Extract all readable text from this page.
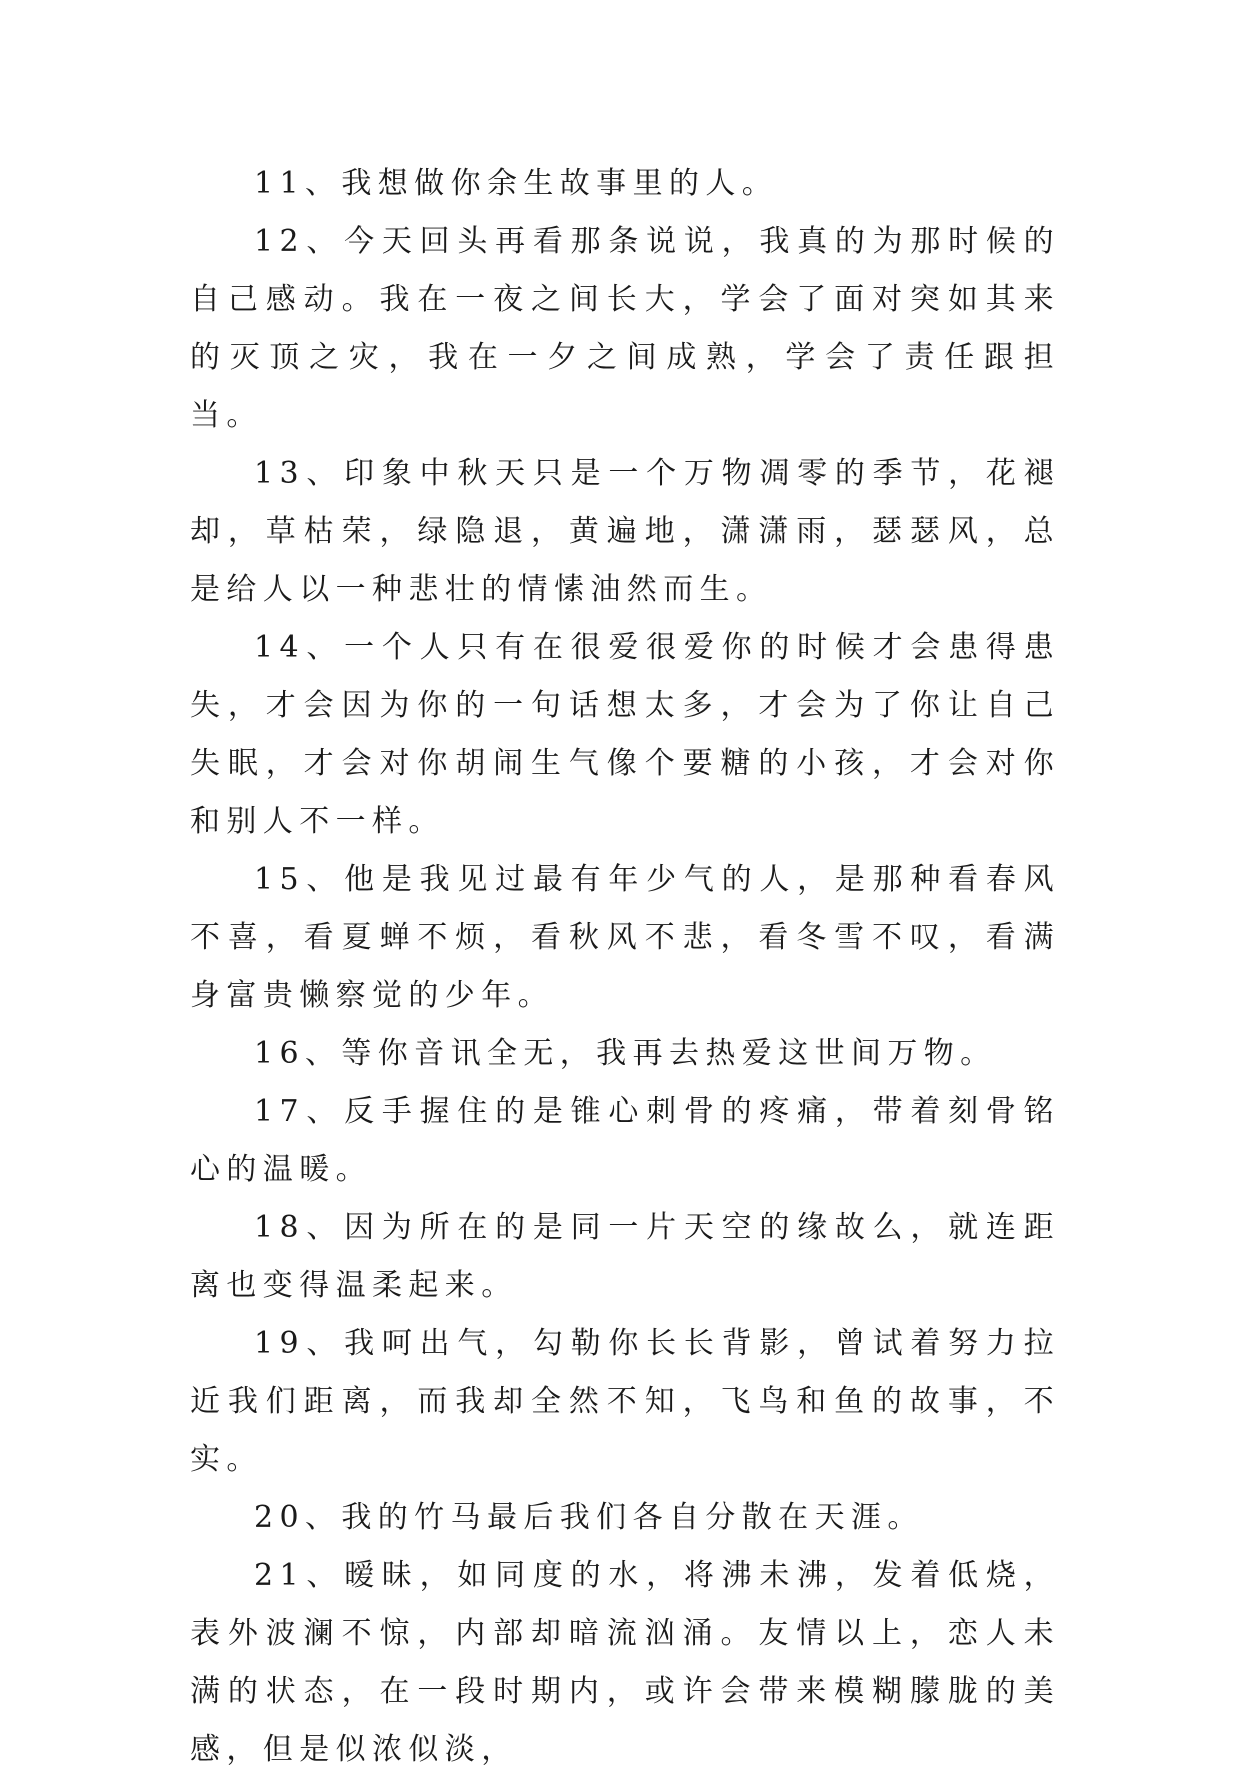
11、我想做你余生故事里的人。

12、今天回头再看那条说说，我真的为那时候的自己感动。我在一夜之间长大，学会了面对突如其来的灭顶之灾，我在一夕之间成熟，学会了责任跟担当。

13、印象中秋天只是一个万物凋零的季节，花褪却，草枯荣，绿隐退，黄遍地，潇潇雨，瑟瑟风，总是给人以一种悲壮的情愫油然而生。

14、一个人只有在很爱很爱你的时候才会患得患失，才会因为你的一句话想太多，才会为了你让自己失眠，才会对你胡闹生气像个要糖的小孩，才会对你和别人不一样。

15、他是我见过最有年少气的人，是那种看春风不喜，看夏蝉不烦，看秋风不悲，看冬雪不叹，看满身富贵懒察觉的少年。

16、等你音讯全无，我再去热爱这世间万物。

17、反手握住的是锥心刺骨的疼痛，带着刻骨铭心的温暖。

18、因为所在的是同一片天空的缘故么，就连距离也变得温柔起来。

19、我呵出气，勾勒你长长背影，曾试着努力拉近我们距离，而我却全然不知，飞鸟和鱼的故事，不实。

20、我的竹马最后我们各自分散在天涯。

21、暧昧，如同度的水，将沸未沸，发着低烧，表外波澜不惊，内部却暗流汹涌。友情以上，恋人未满的状态，在一段时期内，或许会带来模糊朦胧的美感，但是似浓似淡，
